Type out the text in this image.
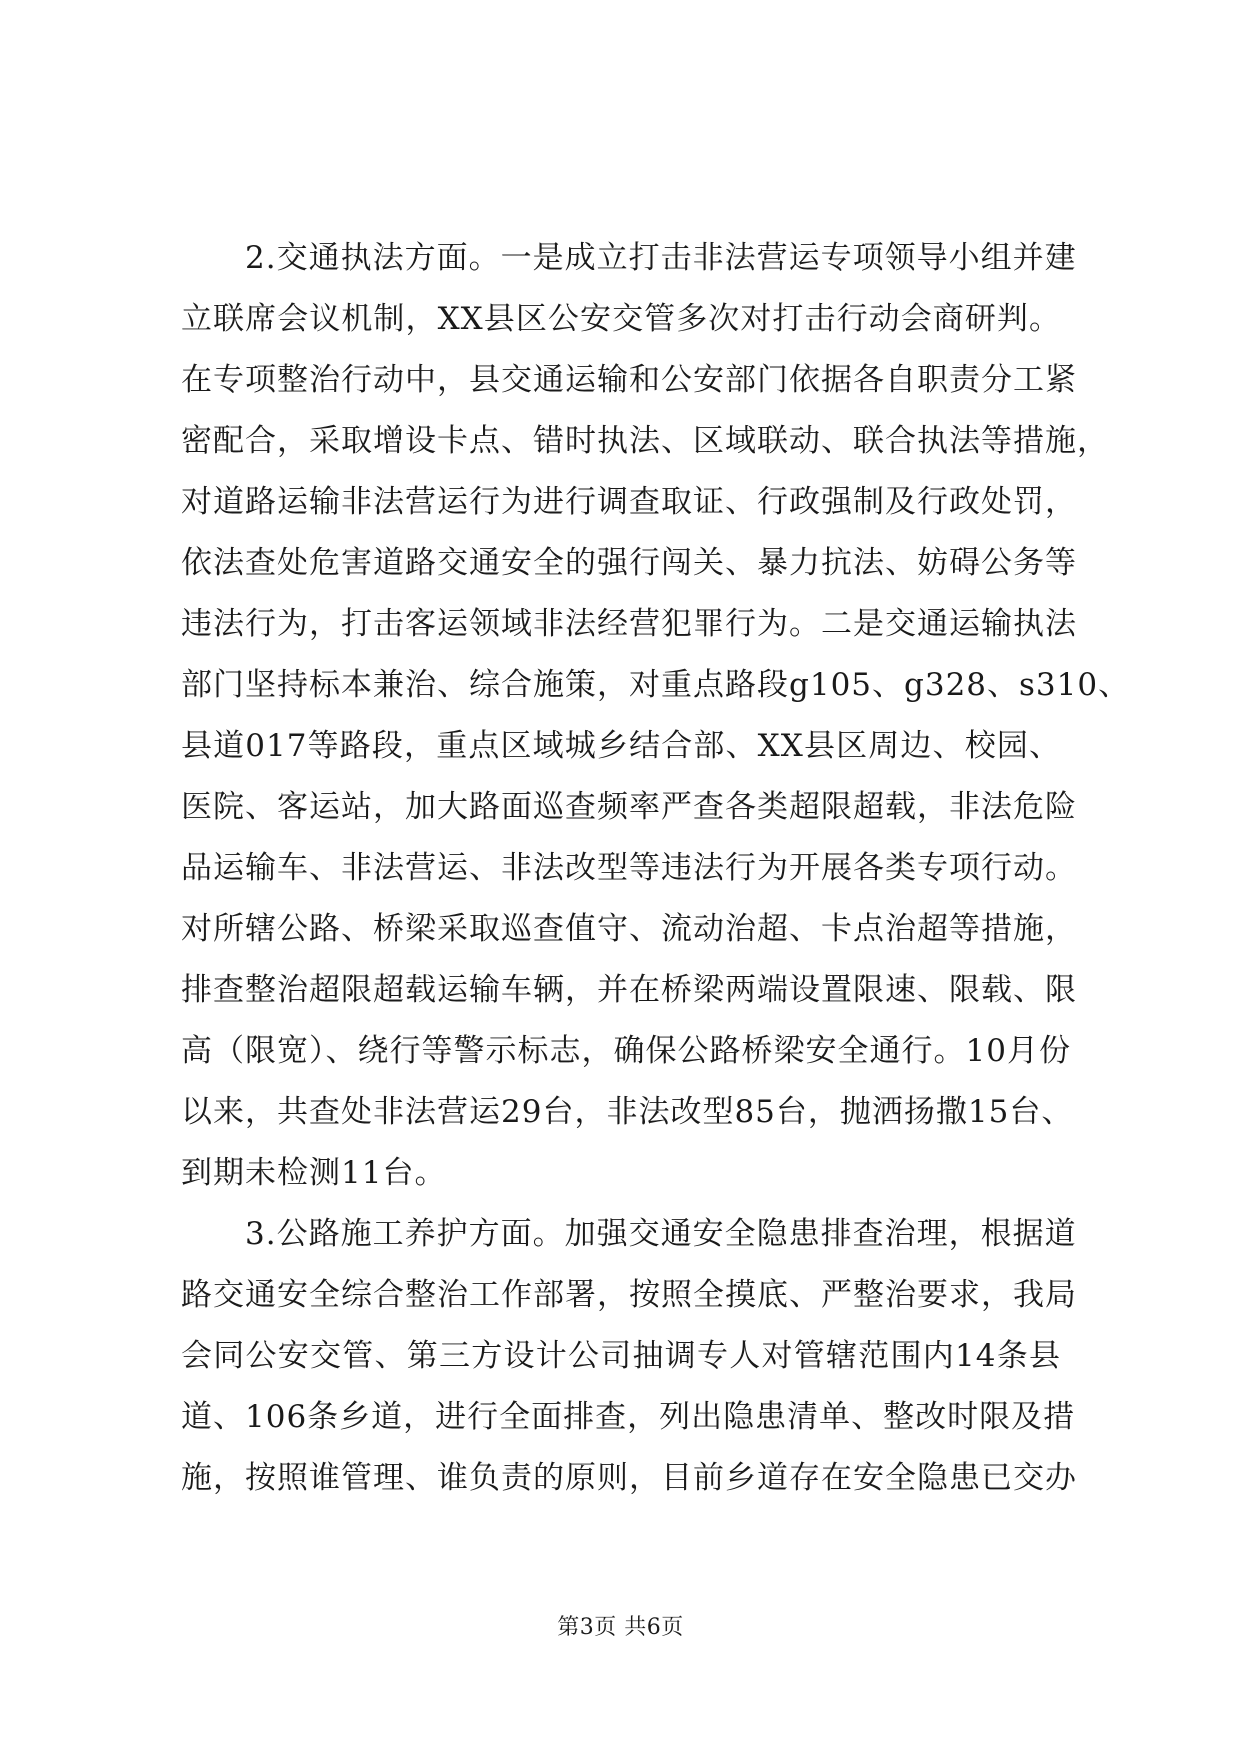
2.交通执法方面。一是成立打击非法营运专项领导小组并建
立联席会议机制，XX县区公安交管多次对打击行动会商研判。
在专项整治行动中，县交通运输和公安部门依据各自职责分工紧
密配合，采取增设卡点、错时执法、区域联动、联合执法等措施，
对道路运输非法营运行为进行调查取证、行政强制及行政处罚，
依法查处危害道路交通安全的强行闯关、暴力抗法、妨碍公务等
违法行为，打击客运领域非法经营犯罪行为。二是交通运输执法
部门坚持标本兼治、综合施策，对重点路段g105、g328、s310、
县道017等路段，重点区域城乡结合部、XX县区周边、校园、
医院、客运站，加大路面巡查频率严查各类超限超载，非法危险
品运输车、非法营运、非法改型等违法行为开展各类专项行动。
对所辖公路、桥梁采取巡查值守、流动治超、卡点治超等措施，
排查整治超限超载运输车辆，并在桥梁两端设置限速、限载、限
高（限宽）、绕行等警示标志，确保公路桥梁安全通行。10月份
以来，共查处非法营运29台，非法改型85台，抛洒扬撒15台、
到期未检测11台。
3.公路施工养护方面。加强交通安全隐患排查治理，根据道
路交通安全综合整治工作部署，按照全摸底、严整治要求，我局
会同公安交管、第三方设计公司抽调专人对管辖范围内14条县
道、106条乡道，进行全面排查，列出隐患清单、整改时限及措
施，按照谁管理、谁负责的原则，目前乡道存在安全隐患已交办
第3页 共6页
